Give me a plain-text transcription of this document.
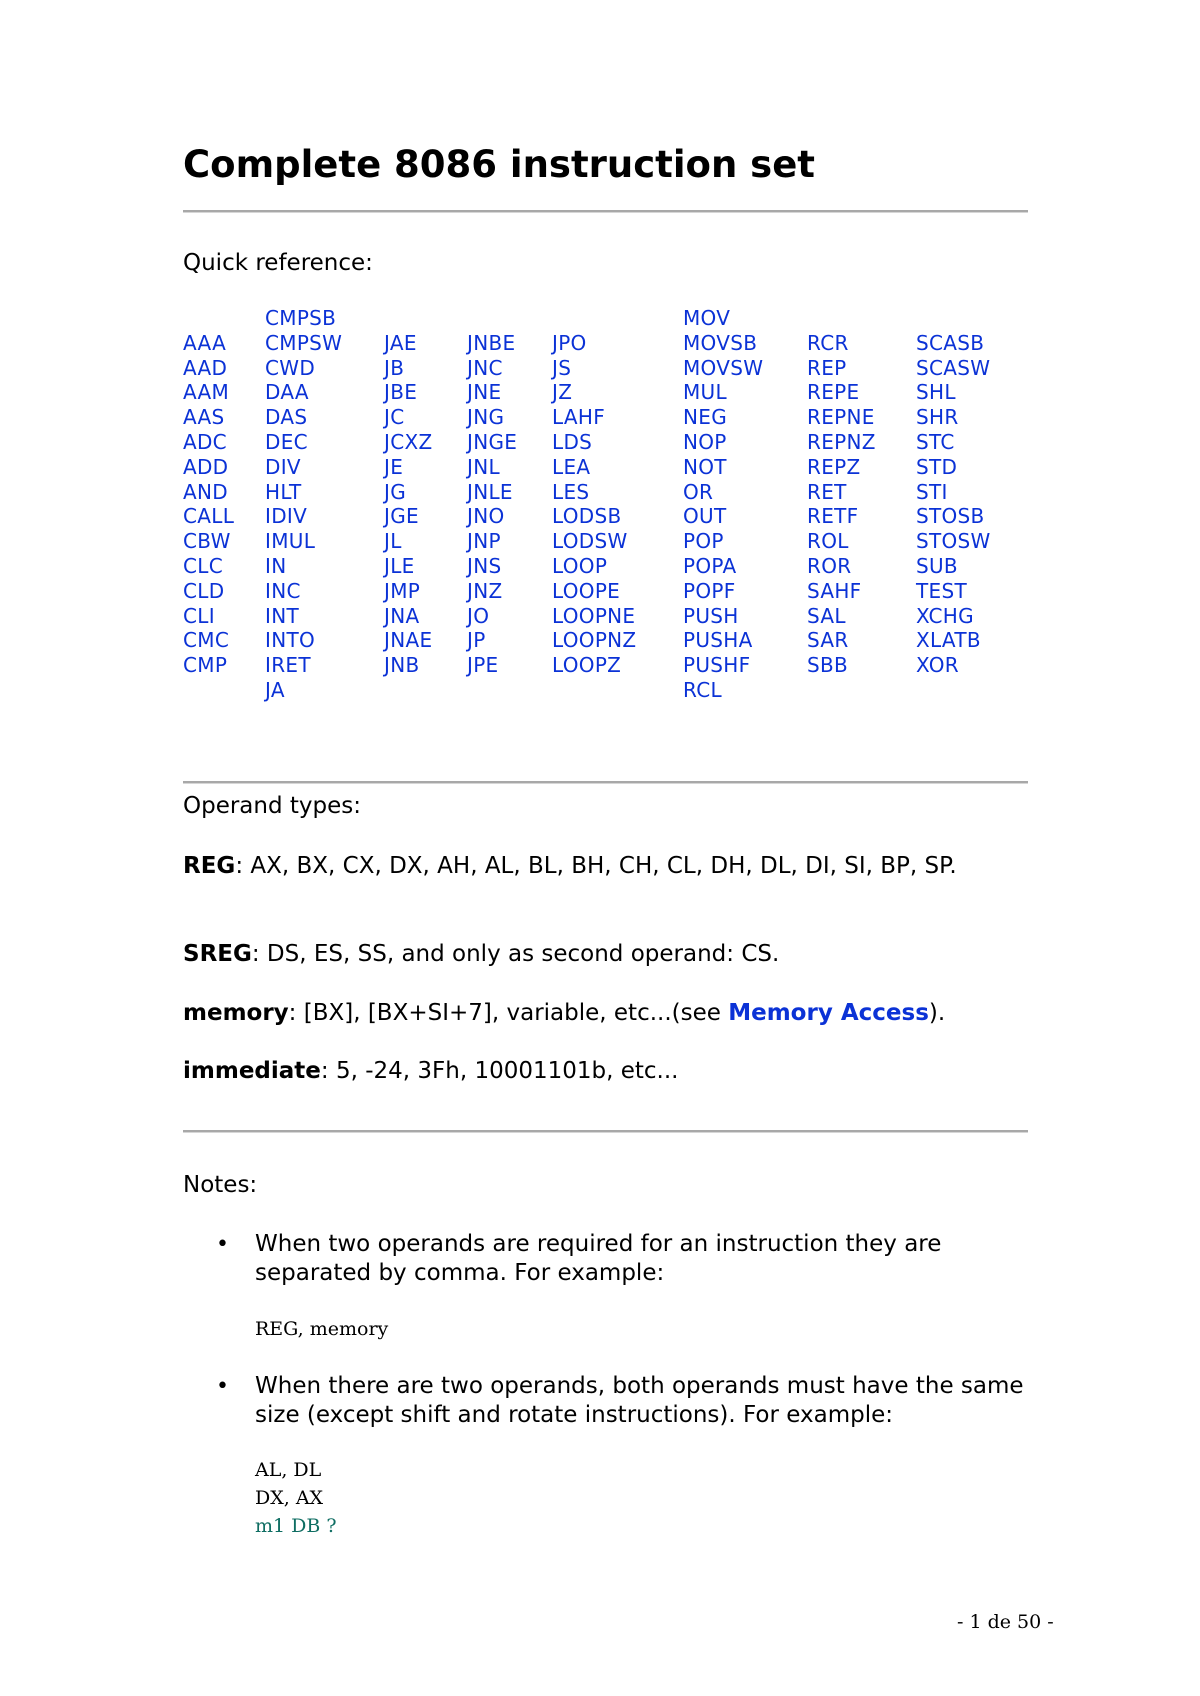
Complete 8086 instruction set
Quick reference:
AAA
AAD
AAM
AAS
ADC
ADD
AND
CALL
CBW
CLC
CLD
CLI
CMC
CMP
CMPSB
CMPSW
CWD
DAA
DAS
DEC
DIV
HLT
IDIV
IMUL
IN
INC
INT
INTO
IRET
JA
JAE
JB
JBE
JC
JCXZ
JE
JG
JGE
JL
JLE
JMP
JNA
JNAE
JNB
JNBE
JNC
JNE
JNG
JNGE
JNL
JNLE
JNO
JNP
JNS
JNZ
JO
JP
JPE
JPO
JS
JZ
LAHF
LDS
LEA
LES
LODSB
LODSW
LOOP
LOOPE
LOOPNE
LOOPNZ
LOOPZ
MOV
MOVSB
MOVSW
MUL
NEG
NOP
NOT
OR
OUT
POP
POPA
POPF
PUSH
PUSHA
PUSHF
RCL
RCR
REP
REPE
REPNE
REPNZ
REPZ
RET
RETF
ROL
ROR
SAHF
SAL
SAR
SBB
SCASB
SCASW
SHL
SHR
STC
STD
STI
STOSB
STOSW
SUB
TEST
XCHG
XLATB
XOR
Operand types:
REG: AX, BX, CX, DX, AH, AL, BL, BH, CH, CL, DH, DL, DI, SI, BP, SP.
SREG: DS, ES, SS, and only as second operand: CS.
memory: [BX], [BX+SI+7], variable, etc...(see Memory Access).
immediate: 5, -24, 3Fh, 10001101b, etc...
Notes:
• When two operands are required for an instruction they are separated by comma. For example:
REG, memory
• When there are two operands, both operands must have the same size (except shift and rotate instructions). For example:
AL, DL
DX, AX
m1 DB ?
- 1 de 50 -
